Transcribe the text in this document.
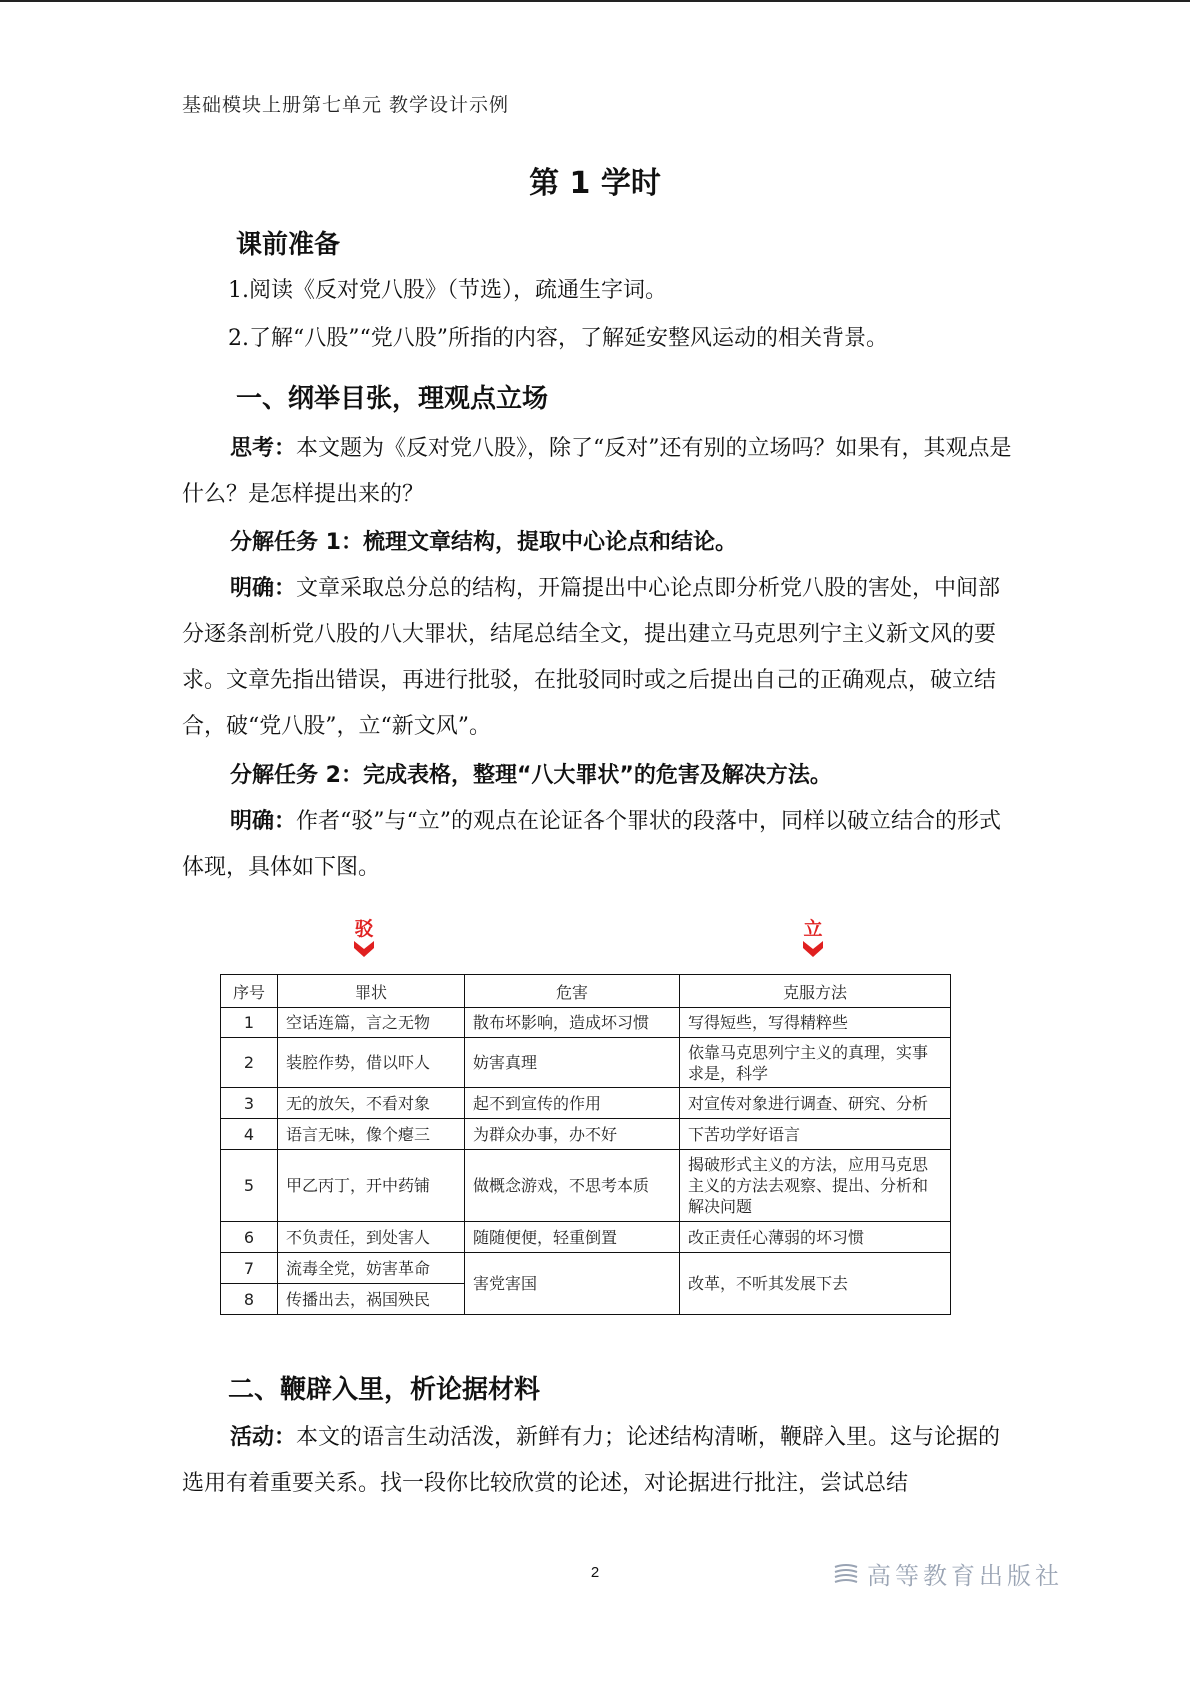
基础模块上册第七单元 教学设计示例
第 1 学时
课前准备
1.阅读《反对党八股》（节选），疏通生字词。
2.了解“八股”“党八股”所指的内容，了解延安整风运动的相关背景。
一、纲举目张，理观点立场
思考：本文题为《反对党八股》，除了“反对”还有别的立场吗？如果有，其观点是什么？是怎样提出来的？
分解任务 1：梳理文章结构，提取中心论点和结论。
明确：文章采取总分总的结构，开篇提出中心论点即分析党八股的害处，中间部分逐条剖析党八股的八大罪状，结尾总结全文，提出建立马克思列宁主义新文风的要求。文章先指出错误，再进行批驳，在批驳同时或之后提出自己的正确观点，破立结合，破“党八股”，立“新文风”。
分解任务 2：完成表格，整理“八大罪状”的危害及解决方法。
明确：作者“驳”与“立”的观点在论证各个罪状的段落中，同样以破立结合的形式体现，具体如下图。
驳	立
序号	罪状	危害	克服方法
1	空话连篇，言之无物	散布坏影响，造成坏习惯	写得短些，写得精粹些
2	装腔作势，借以吓人	妨害真理	依靠马克思列宁主义的真理，实事求是，科学
3	无的放矢，不看对象	起不到宣传的作用	对宣传对象进行调查、研究、分析
4	语言无味，像个瘪三	为群众办事，办不好	下苦功学好语言
5	甲乙丙丁，开中药铺	做概念游戏，不思考本质	揭破形式主义的方法，应用马克思主义的方法去观察、提出、分析和解决问题
6	不负责任，到处害人	随随便便，轻重倒置	改正责任心薄弱的坏习惯
7	流毒全党，妨害革命	害党害国	改革，不听其发展下去
8	传播出去，祸国殃民		
二、鞭辟入里，析论据材料
活动：本文的语言生动活泼，新鲜有力；论述结构清晰，鞭辟入里。这与论据的选用有着重要关系。找一段你比较欣赏的论述，对论据进行批注，尝试总结
2	高等教育出版社
